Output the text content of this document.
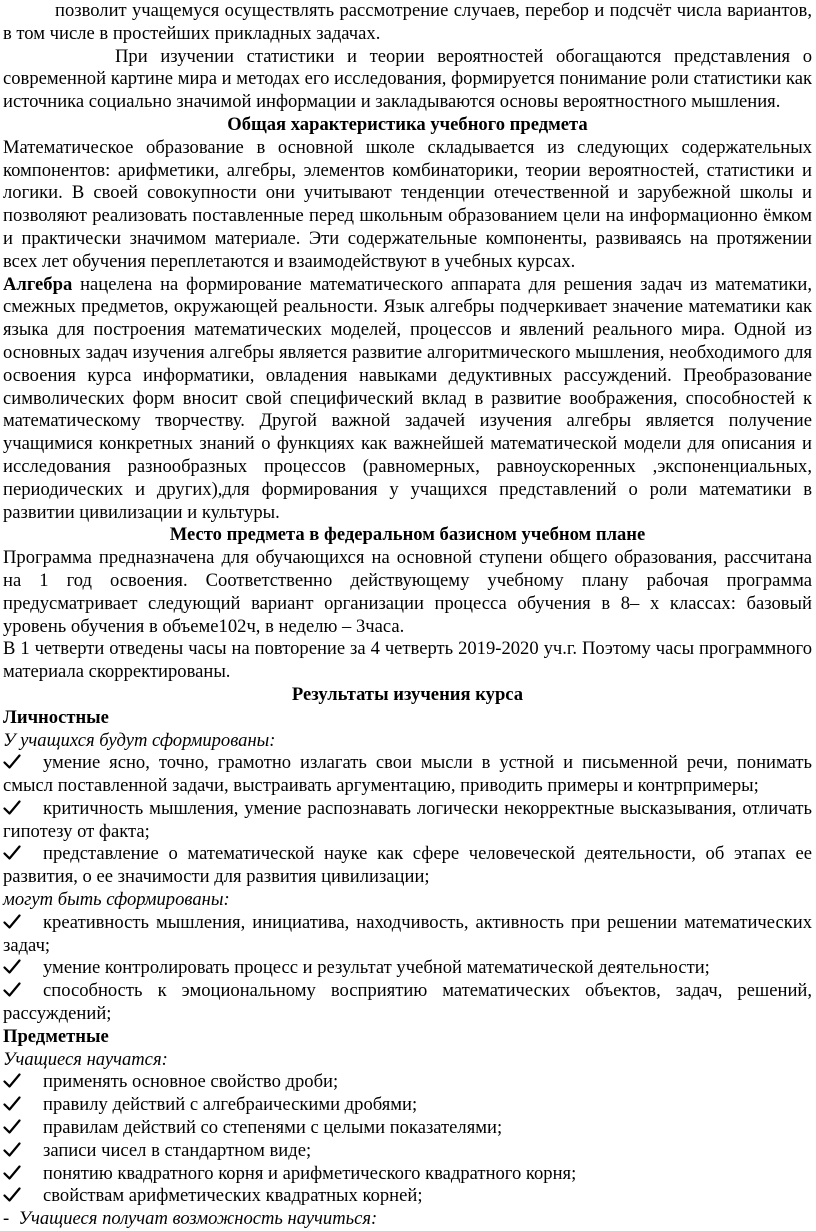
позволит учащемуся осуществлять рассмотрение случаев, перебор и подсчёт числа вариантов, в том числе в простейших прикладных задачах.

При изучении статистики и теории вероятностей обогащаются представления о современной картине мира и методах его исследования, формируется понимание роли статистики как источника социально значимой информации и закладываются основы вероятностного мышления.

Общая характеристика учебного предмета

Математическое образование в основной школе складывается из следующих содержательных компонентов: арифметики, алгебры, элементов комбинаторики, теории вероятностей, статистики и логики. В своей совокупности они учитывают тенденции отечественной и зарубежной школы и позволяют реализовать поставленные перед школьным образованием цели на информационно ёмком и практически значимом материале. Эти содержательные компоненты, развиваясь на протяжении всех лет обучения переплетаются и взаимодействуют в учебных курсах.

Алгебра нацелена на формирование математического аппарата для решения задач из математики, смежных предметов, окружающей реальности. Язык алгебры подчеркивает значение математики как языка для построения математических моделей, процессов и явлений реального мира. Одной из основных задач изучения алгебры является развитие алгоритмического мышления, необходимого для освоения курса информатики, овладения навыками дедуктивных рассуждений. Преобразование символических форм вносит свой специфический вклад в развитие воображения, способностей к математическому творчеству. Другой важной задачей изучения алгебры является получение учащимися конкретных знаний о функциях как важнейшей математической модели для описания и исследования разнообразных процессов (равномерных, равноускоренных ,экспоненциальных, периодических и других),для формирования у учащихся представлений о роли математики в развитии цивилизации и культуры.

Место предмета в федеральном базисном учебном плане

Программа предназначена для обучающихся на основной ступени общего образования, рассчитана на 1 год освоения. Соответственно действующему учебному плану рабочая программа предусматривает следующий вариант организации процесса обучения в 8– х классах: базовый уровень обучения в объеме102ч, в неделю – 3часа.

В 1 четверти отведены часы на повторение за 4 четверть 2019-2020 уч.г. Поэтому часы программного материала скорректированы.

Результаты изучения курса

Личностные

У учащихся будут сформированы:

умение ясно, точно, грамотно излагать свои мысли в устной и письменной речи, понимать смысл поставленной задачи, выстраивать аргументацию, приводить примеры и контрпримеры;
критичность мышления, умение распознавать логически некорректные высказывания, отличать гипотезу от факта;
представление о математической науке как сфере человеческой деятельности, об этапах ее развития, о ее значимости для развития цивилизации;

могут быть сформированы:

креативность мышления, инициатива, находчивость, активность при решении математических задач;
умение контролировать процесс и результат учебной математической деятельности;
способность к эмоциональному восприятию математических объектов, задач, решений, рассуждений;

Предметные

Учащиеся научатся:

применять основное свойство дроби;
правилу действий с алгебраическими дробями;
правилам действий со степенями с целыми показателями;
записи чисел в стандартном виде;
понятию квадратного корня и арифметического квадратного корня;
свойствам арифметических квадратных корней;

- Учащиеся получат возможность научиться:
